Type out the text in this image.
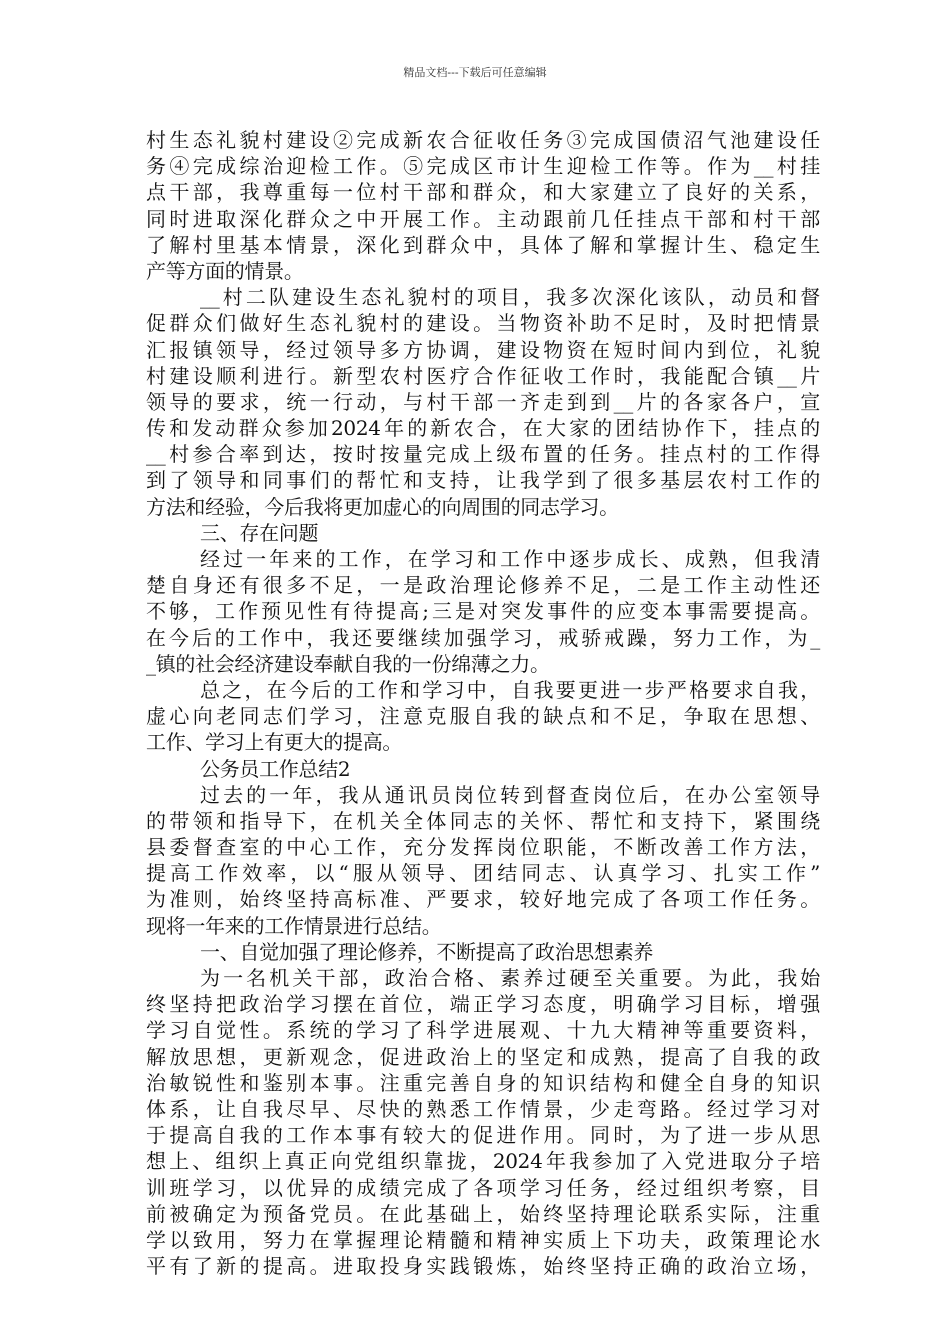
精品文档---下载后可任意编辑
村生态礼貌村建设②完成新农合征收任务③完成国债沼气池建设任
务④完成综治迎检工作。⑤完成区市计生迎检工作等。作为__村挂
点干部，我尊重每一位村干部和群众，和大家建立了良好的关系，
同时进取深化群众之中开展工作。主动跟前几任挂点干部和村干部
了解村里基本情景，深化到群众中，具体了解和掌握计生、稳定生
产等方面的情景。
__村二队建设生态礼貌村的项目，我多次深化该队，动员和督
促群众们做好生态礼貌村的建设。当物资补助不足时，及时把情景
汇报镇领导，经过领导多方协调，建设物资在短时间内到位，礼貌
村建设顺利进行。新型农村医疗合作征收工作时，我能配合镇__片
领导的要求，统一行动，与村干部一齐走到到__片的各家各户，宣
传和发动群众参加2024年的新农合，在大家的团结协作下，挂点的
__村参合率到达，按时按量完成上级布置的任务。挂点村的工作得
到了领导和同事们的帮忙和支持，让我学到了很多基层农村工作的
方法和经验，今后我将更加虚心的向周围的同志学习。
三、存在问题
经过一年来的工作，在学习和工作中逐步成长、成熟，但我清
楚自身还有很多不足，一是政治理论修养不足，二是工作主动性还
不够，工作预见性有待提高;三是对突发事件的应变本事需要提高。
在今后的工作中，我还要继续加强学习，戒骄戒躁，努力工作，为_
_镇的社会经济建设奉献自我的一份绵薄之力。
总之，在今后的工作和学习中，自我要更进一步严格要求自我，
虚心向老同志们学习，注意克服自我的缺点和不足，争取在思想、
工作、学习上有更大的提高。
公务员工作总结2
过去的一年，我从通讯员岗位转到督查岗位后，在办公室领导
的带领和指导下，在机关全体同志的关怀、帮忙和支持下，紧围绕
县委督查室的中心工作，充分发挥岗位职能，不断改善工作方法，
提高工作效率，以“服从领导、团结同志、认真学习、扎实工作”
为准则，始终坚持高标准、严要求，较好地完成了各项工作任务。
现将一年来的工作情景进行总结。
一、自觉加强了理论修养，不断提高了政治思想素养
为一名机关干部，政治合格、素养过硬至关重要。为此，我始
终坚持把政治学习摆在首位，端正学习态度，明确学习目标，增强
学习自觉性。系统的学习了科学进展观、十九大精神等重要资料，
解放思想，更新观念，促进政治上的坚定和成熟，提高了自我的政
治敏锐性和鉴别本事。注重完善自身的知识结构和健全自身的知识
体系，让自我尽早、尽快的熟悉工作情景，少走弯路。经过学习对
于提高自我的工作本事有较大的促进作用。同时，为了进一步从思
想上、组织上真正向党组织靠拢，2024年我参加了入党进取分子培
训班学习，以优异的成绩完成了各项学习任务，经过组织考察，目
前被确定为预备党员。在此基础上，始终坚持理论联系实际，注重
学以致用，努力在掌握理论精髓和精神实质上下功夫，政策理论水
平有了新的提高。进取投身实践锻炼，始终坚持正确的政治立场，
